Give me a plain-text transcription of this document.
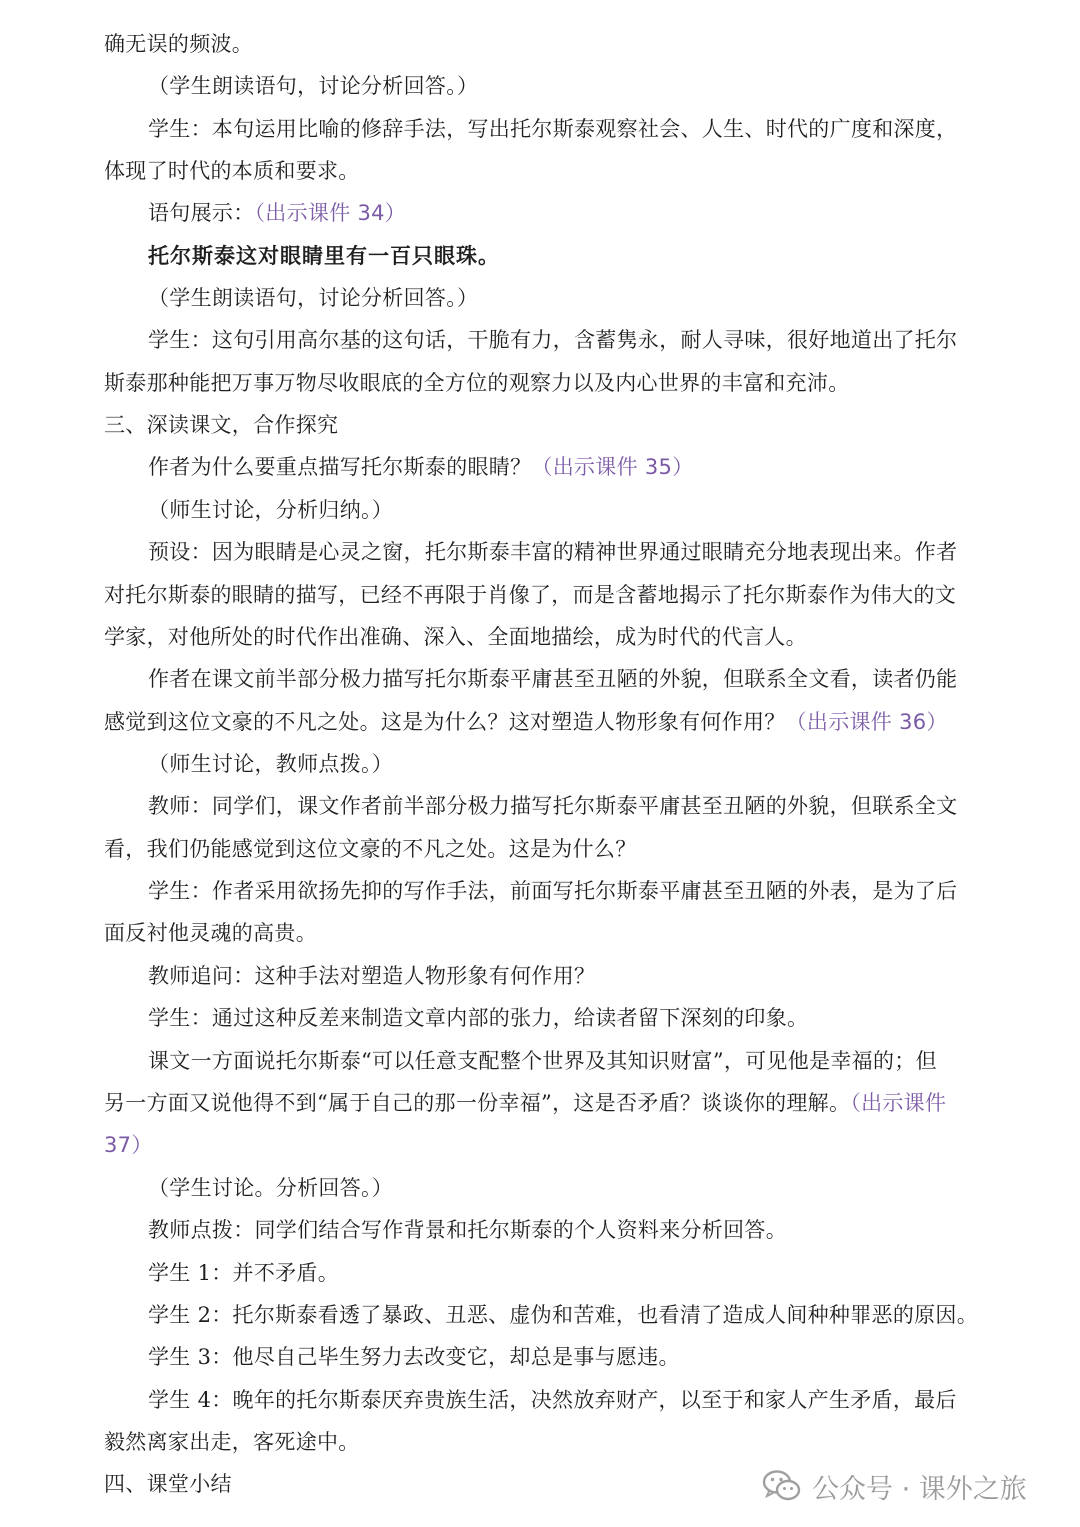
确无误的频波。
（学生朗读语句，讨论分析回答。）
学生：本句运用比喻的修辞手法，写出托尔斯泰观察社会、人生、时代的广度和深度，
体现了时代的本质和要求。
语句展示：（出示课件 34）
托尔斯泰这对眼睛里有一百只眼珠。
（学生朗读语句，讨论分析回答。）
学生：这句引用高尔基的这句话，干脆有力，含蓄隽永，耐人寻味，很好地道出了托尔
斯泰那种能把万事万物尽收眼底的全方位的观察力以及内心世界的丰富和充沛。
三、深读课文，合作探究
作者为什么要重点描写托尔斯泰的眼睛？（出示课件 35）
（师生讨论，分析归纳。）
预设：因为眼睛是心灵之窗，托尔斯泰丰富的精神世界通过眼睛充分地表现出来。作者
对托尔斯泰的眼睛的描写，已经不再限于肖像了，而是含蓄地揭示了托尔斯泰作为伟大的文
学家，对他所处的时代作出准确、深入、全面地描绘，成为时代的代言人。
作者在课文前半部分极力描写托尔斯泰平庸甚至丑陋的外貌，但联系全文看，读者仍能
感觉到这位文豪的不凡之处。这是为什么？这对塑造人物形象有何作用？（出示课件 36）
（师生讨论，教师点拨。）
教师：同学们，课文作者前半部分极力描写托尔斯泰平庸甚至丑陋的外貌，但联系全文
看，我们仍能感觉到这位文豪的不凡之处。这是为什么？
学生：作者采用欲扬先抑的写作手法，前面写托尔斯泰平庸甚至丑陋的外表，是为了后
面反衬他灵魂的高贵。
教师追问：这种手法对塑造人物形象有何作用？
学生：通过这种反差来制造文章内部的张力，给读者留下深刻的印象。
课文一方面说托尔斯泰“可以任意支配整个世界及其知识财富”，可见他是幸福的；但
另一方面又说他得不到“属于自己的那一份幸福”，这是否矛盾？谈谈你的理解。（出示课件
37）
（学生讨论。分析回答。）
教师点拨：同学们结合写作背景和托尔斯泰的个人资料来分析回答。
学生 1：并不矛盾。
学生 2：托尔斯泰看透了暴政、丑恶、虚伪和苦难，也看清了造成人间种种罪恶的原因。
学生 3：他尽自己毕生努力去改变它，却总是事与愿违。
学生 4：晚年的托尔斯泰厌弃贵族生活，决然放弃财产，以至于和家人产生矛盾，最后
毅然离家出走，客死途中。
四、课堂小结	公众号 · 课外之旅
